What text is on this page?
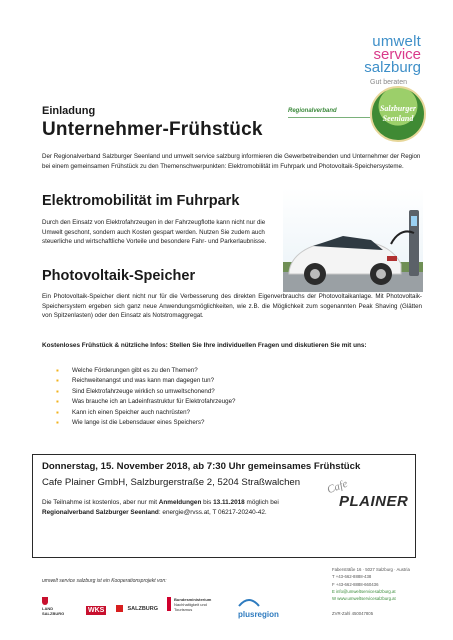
umwelt
service
salzburg
Gut beraten
Regionalverband	Salzburger
Seenland
Einladung
Unternehmer-Frühstück
Der Regionalverband Salzburger Seenland und umwelt service salzburg informieren die Gewerbetreibenden und Unternehmer der Region bei einem gemeinsamen Frühstück zu den Themenschwerpunkten: Elektromobilität im Fuhrpark und Photovoltaik-Speichersysteme.
Elektromobilität im Fuhrpark
Durch den Einsatz von Elektrofahrzeugen in der Fahrzeugflotte kann nicht nur die Umwelt geschont, sondern auch Kosten gespart werden. Nutzen Sie zudem auch steuerliche und wirtschaftliche Vorteile und besondere Fahr- und Parkerlaubnisse.
Photovoltaik-Speicher
Ein Photovoltaik-Speicher dient nicht nur für die Verbesserung des direkten Eigenverbrauchs der Photovoltaikanlage. Mit Photovoltaik-Speichersystem ergeben sich ganz neue Anwendungsmöglichkeiten, wie z.B. die Möglichkeit zum sogenannten Peak Shaving (Glätten von Spitzenlasten) oder den Einsatz als Notstromaggregat.
Kostenloses Frühstück & nützliche Infos: Stellen Sie Ihre individuellen Fragen und diskutieren Sie mit uns:
▪ Welche Förderungen gibt es zu den Themen?
▪ Reichweitenangst und was kann man dagegen tun?
▪ Sind Elektrofahrzeuge wirklich so umweltschonend?
▪ Was brauche ich an Ladeinfrastruktur für Elektrofahrzeuge?
▪ Kann ich einen Speicher auch nachrüsten?
▪ Wie lange ist die Lebensdauer eines Speichers?
Donnerstag, 15. November 2018, ab 7:30 Uhr gemeinsames Frühstück
Cafe Plainer GmbH, Salzburgerstraße 2, 5204 Straßwalchen
Die Teilnahme ist kostenlos, aber nur mit Anmeldungen bis 13.11.2018 möglich bei
Regionalverband Salzburger Seenland: energie@rvss.at, T 06217-20240-42.
Cafe
PLAINER
umwelt service salzburg ist ein Kooperationsprojekt von:
Fabersträße 16 · 5027 Salzburg · Austria
T +43-662-8888-438
F +43-662-8888-660436
E info@umweltservicesalzburg.at
W www.umweltservicesalzburg.at
ZVR-Zahl 450047805
LAND SALZBURG	WKS	SALZBURG
Bundesministerium
Nachhaltigkeit und
Tourismus
plusregion
